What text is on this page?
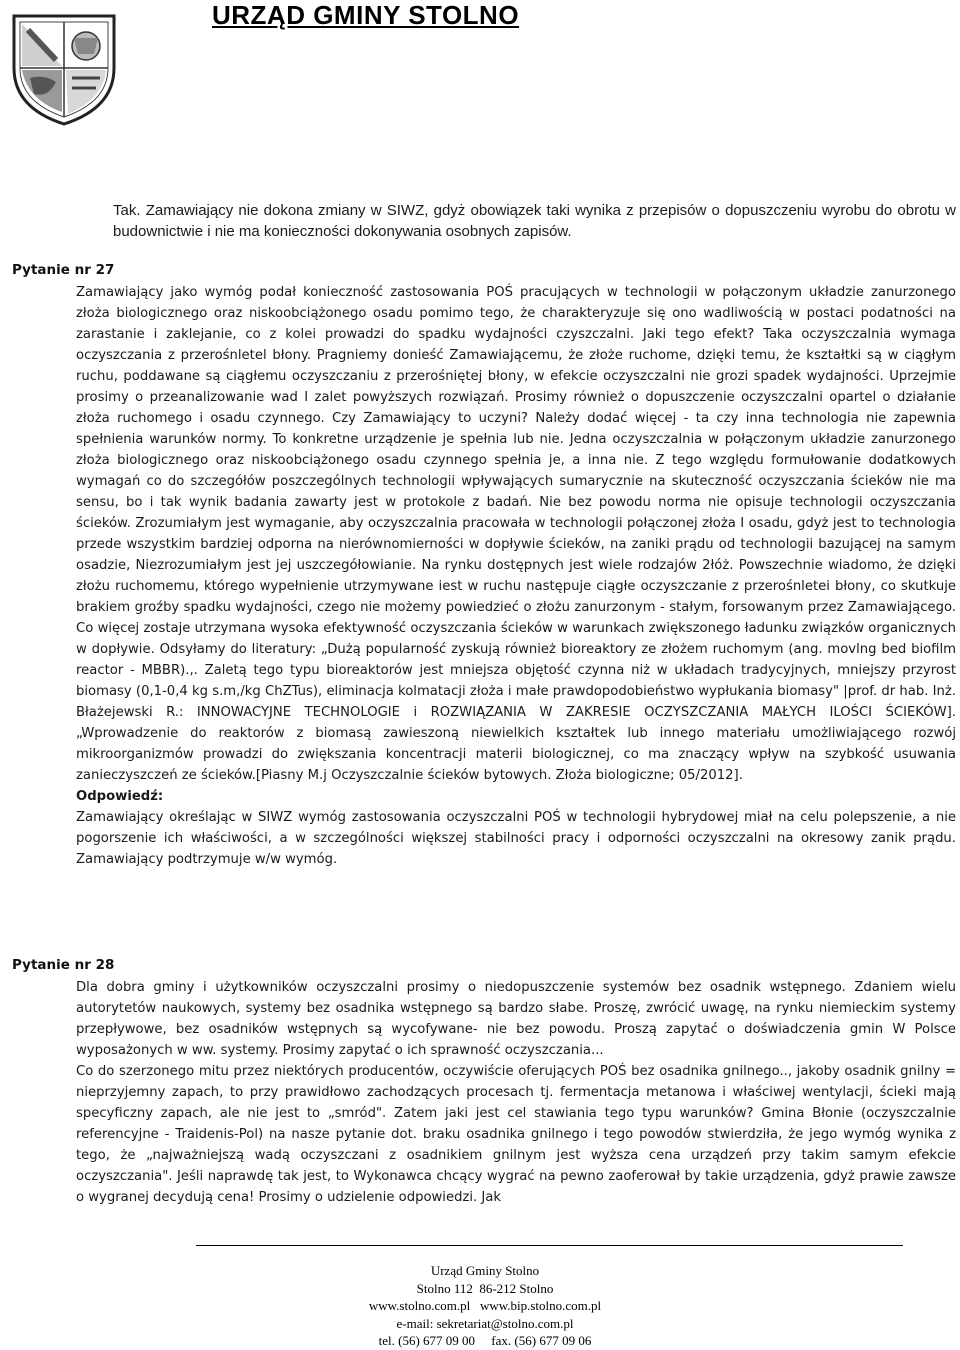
URZĄD GMINY STOLNO
Tak. Zamawiający nie dokona zmiany w SIWZ, gdyż obowiązek taki wynika z przepisów o dopuszczeniu wyrobu do obrotu w budownictwie i nie ma konieczności dokonywania osobnych zapisów.
Pytanie nr 27
Zamawiający jako wymóg podał konieczność zastosowania POŚ pracujących w technologii w połączonym układzie zanurzonego złoża biologicznego oraz niskoobciążonego osadu pomimo tego, że charakteryzuje się ono wadliwością w postaci podatności na zarastanie i zaklejanie, co z kolei prowadzi do spadku wydajności czyszczalni. Jaki tego efekt? Taka oczyszczalnia wymaga oczyszczania z przerośnletel błony. Pragniemy donieść Zamawiającemu, że złoże ruchome, dzięki temu, że kształtki są w ciągłym ruchu, poddawane są ciągłemu oczyszczaniu z przerośniętej błony, w efekcie oczyszczalni nie grozi spadek wydajności. Uprzejmie prosimy o przeanalizowanie wad I zalet powyższych rozwiązań. Prosimy również o dopuszczenie oczyszczalni opartel o działanie złoża ruchomego i osadu czynnego. Czy Zamawiający to uczyni? Należy dodać więcej - ta czy inna technologia nie zapewnia spełnienia warunków normy. To konkretne urządzenie je spełnia lub nie. Jedna oczyszczalnia w połączonym układzie zanurzonego złoża biologicznego oraz niskoobciążonego osadu czynnego spełnia je, a inna nie. Z tego względu formułowanie dodatkowych wymagań co do szczegółów poszczególnych technologii wpływających sumarycznie na skuteczność oczyszczania ścieków nie ma sensu, bo i tak wynik badania zawarty jest w protokole z badań. Nie bez powodu norma nie opisuje technologii oczyszczania ścieków. Zrozumiałym jest wymaganie, aby oczyszczalnia pracowała w technologii połączonej złoża I osadu, gdyż jest to technologia przede wszystkim bardziej odporna na nierównomierności w dopływie ścieków, na zaniki prądu od technologii bazującej na samym osadzie, Niezrozumiałym jest jej uszczegółowianie. Na rynku dostępnych jest wiele rodzajów 2łóż. Powszechnie wiadomo, że dzięki złożu ruchomemu, którego wypełnienie utrzymywane iest w ruchu następuje ciągłe oczyszczanie z przerośnletei błony, co skutkuje brakiem groźby spadku wydajności, czego nie możemy powiedzieć o złożu zanurzonym - stałym, forsowanym przez Zamawiającego. Co więcej zostaje utrzymana wysoka efektywność oczyszczania ścieków w warunkach zwiększonego ładunku związków organicznych w dopływie. Odsyłamy do literatury: „Dużą popularność zyskują również bioreaktory ze złożem ruchomym (ang. movlng bed biofilm reactor - MBBR).,. Zaletą tego typu bioreaktorów jest mniejsza objętość czynna niż w układach tradycyjnych, mniejszy przyrost biomasy (0,1-0,4 kg s.m,/kg ChZTus), eliminacja kolmatacji złoża i małe prawdopodobieństwo wypłukania biomasy" |prof. dr hab. Inż. Błażejewski R.: INNOWACYJNE TECHNOLOGIE i ROZWIĄZANIA W ZAKRESIE OCZYSZCZANIA MAŁYCH ILOŚCI ŚCIEKÓW].„Wprowadzenie do reaktorów z biomasą zawieszoną niewielkich kształtek lub innego materiału umożliwiającego rozwój mikroorganizmów prowadzi do zwiększania koncentracji materii biologicznej, co ma znaczący wpływ na szybkość usuwania zanieczyszczeń ze ścieków.[Piasny M.j Oczyszczalnie ścieków bytowych. Złoża biologiczne; 05/2012].
Odpowiedź:
Zamawiający określając w SIWZ wymóg zastosowania oczyszczalni POŚ w technologii hybrydowej miał na celu polepszenie, a nie pogorszenie ich właściwości, a w szczególności większej stabilności pracy i odporności oczyszczalni na okresowy zanik prądu. Zamawiający podtrzymuje w/w wymóg.
Pytanie nr 28
Dla dobra gminy i użytkowników oczyszczalni prosimy o niedopuszczenie systemów bez osadnik wstępnego. Zdaniem wielu autorytetów naukowych, systemy bez osadnika wstępnego są bardzo słabe. Proszę, zwrócić uwagę, na rynku niemieckim systemy przepływowe, bez osadników wstępnych są wycofywane- nie bez powodu. Proszą zapytać o doświadczenia gmin W Polsce wyposażonych w ww. systemy. Prosimy zapytać o ich sprawność oczyszczania...
Co do szerzonego mitu przez niektórych producentów, oczywiście oferujących POŚ bez osadnika gnilnego.., jakoby osadnik gnilny = nieprzyjemny zapach, to przy prawidłowo zachodzących procesach tj. fermentacja metanowa i właściwej wentylacji, ścieki mają specyficzny zapach, ale nie jest to „smród". Zatem jaki jest cel stawiania tego typu warunków? Gmina Błonie (oczyszczalnie referencyjne - Traidenis-Pol) na nasze pytanie dot. braku osadnika gnilnego i tego powodów stwierdziła, że jego wymóg wynika z tego, że „najważniejszą wadą oczyszczani z osadnikiem gnilnym jest wyższa cena urządzeń przy takim samym efekcie oczyszczania". Jeśli naprawdę tak jest, to Wykonawca chcący wygrać na pewno zaoferował by takie urządzenia, gdyż prawie zawsze o wygranej decydują cena! Prosimy o udzielenie odpowiedzi. Jak
Urząd Gminy Stolno
Stolno 112  86-212 Stolno
www.stolno.com.pl   www.bip.stolno.com.pl
e-mail: sekretariat@stolno.com.pl
tel. (56) 677 09 00     fax. (56) 677 09 06
